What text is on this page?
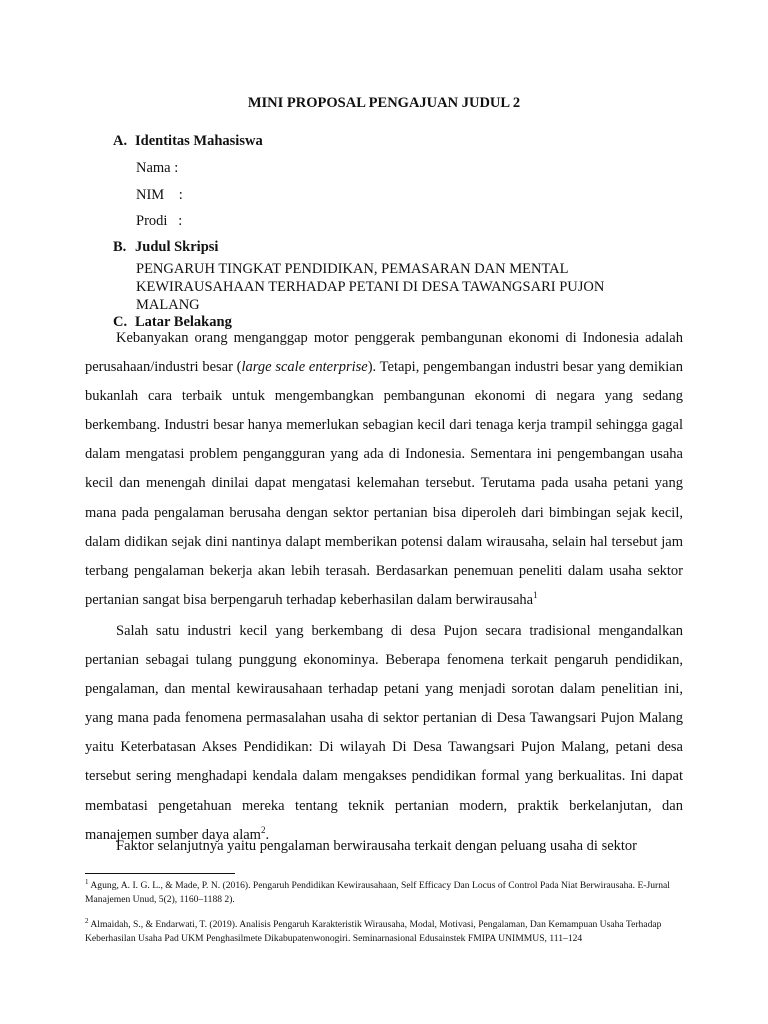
MINI PROPOSAL PENGAJUAN JUDUL 2
A. Identitas Mahasiswa
Nama :
NIM    :
Prodi   :
B. Judul Skripsi
PENGARUH TINGKAT PENDIDIKAN, PEMASARAN DAN MENTAL KEWIRAUSAHAAN TERHADAP PETANI DI DESA TAWANGSARI PUJON MALANG
C. Latar Belakang

Kebanyakan orang menganggap motor penggerak pembangunan ekonomi di Indonesia adalah perusahaan/industri besar (large scale enterprise). Tetapi, pengembangan industri besar yang demikian bukanlah cara terbaik untuk mengembangkan pembangunan ekonomi di negara yang sedang berkembang. Industri besar hanya memerlukan sebagian kecil dari tenaga kerja trampil sehingga gagal dalam mengatasi problem pengangguran yang ada di Indonesia. Sementara ini pengembangan usaha kecil dan menengah dinilai dapat mengatasi kelemahan tersebut. Terutama pada usaha petani yang mana pada pengalaman berusaha dengan sektor pertanian bisa diperoleh dari bimbingan sejak kecil, dalam didikan sejak dini nantinya dalapt memberikan potensi dalam wirausaha, selain hal tersebut jam terbang pengalaman bekerja akan lebih terasah. Berdasarkan penemuan peneliti dalam usaha sektor pertanian sangat bisa berpengaruh terhadap keberhasilan dalam berwirausaha$^1$

Salah satu industri kecil yang berkembang di desa Pujon secara tradisional mengandalkan pertanian sebagai tulang punggung ekonominya. Beberapa fenomena terkait pengaruh pendidikan, pengalaman, dan mental kewirausahaan terhadap petani yang menjadi sorotan dalam penelitian ini, yang mana pada fenomena permasalahan usaha di sektor pertanian di Desa Tawangsari Pujon Malang yaitu Keterbatasan Akses Pendidikan: Di wilayah Di Desa Tawangsari Pujon Malang, petani desa tersebut sering menghadapi kendala dalam mengakses pendidikan formal yang berkualitas. Ini dapat membatasi pengetahuan mereka tentang teknik pertanian modern, praktik berkelanjutan, dan manajemen sumber daya alam$^2$.

Faktor selanjutnya yaitu pengalaman berwirausaha terkait dengan peluang usaha di sektor

$^1$ Agung, A. I. G. L., & Made, P. N. (2016). Pengaruh Pendidikan Kewirausahaan, Self Efficacy Dan Locus of Control Pada Niat Berwirausaha. E-Jurnal Manajemen Unud, 5(2), 1160–1188 2).

$^2$ Almaidah, S., & Endarwati, T. (2019). Analisis Pengaruh Karakteristik Wirausaha, Modal, Motivasi, Pengalaman, Dan Kemampuan Usaha Terhadap Keberhasilan Usaha Pad UKM Penghasilmete Dikabupatenwonogiri. Seminarnasional Edusainstek FMIPA UNIMMUS, 111–124
